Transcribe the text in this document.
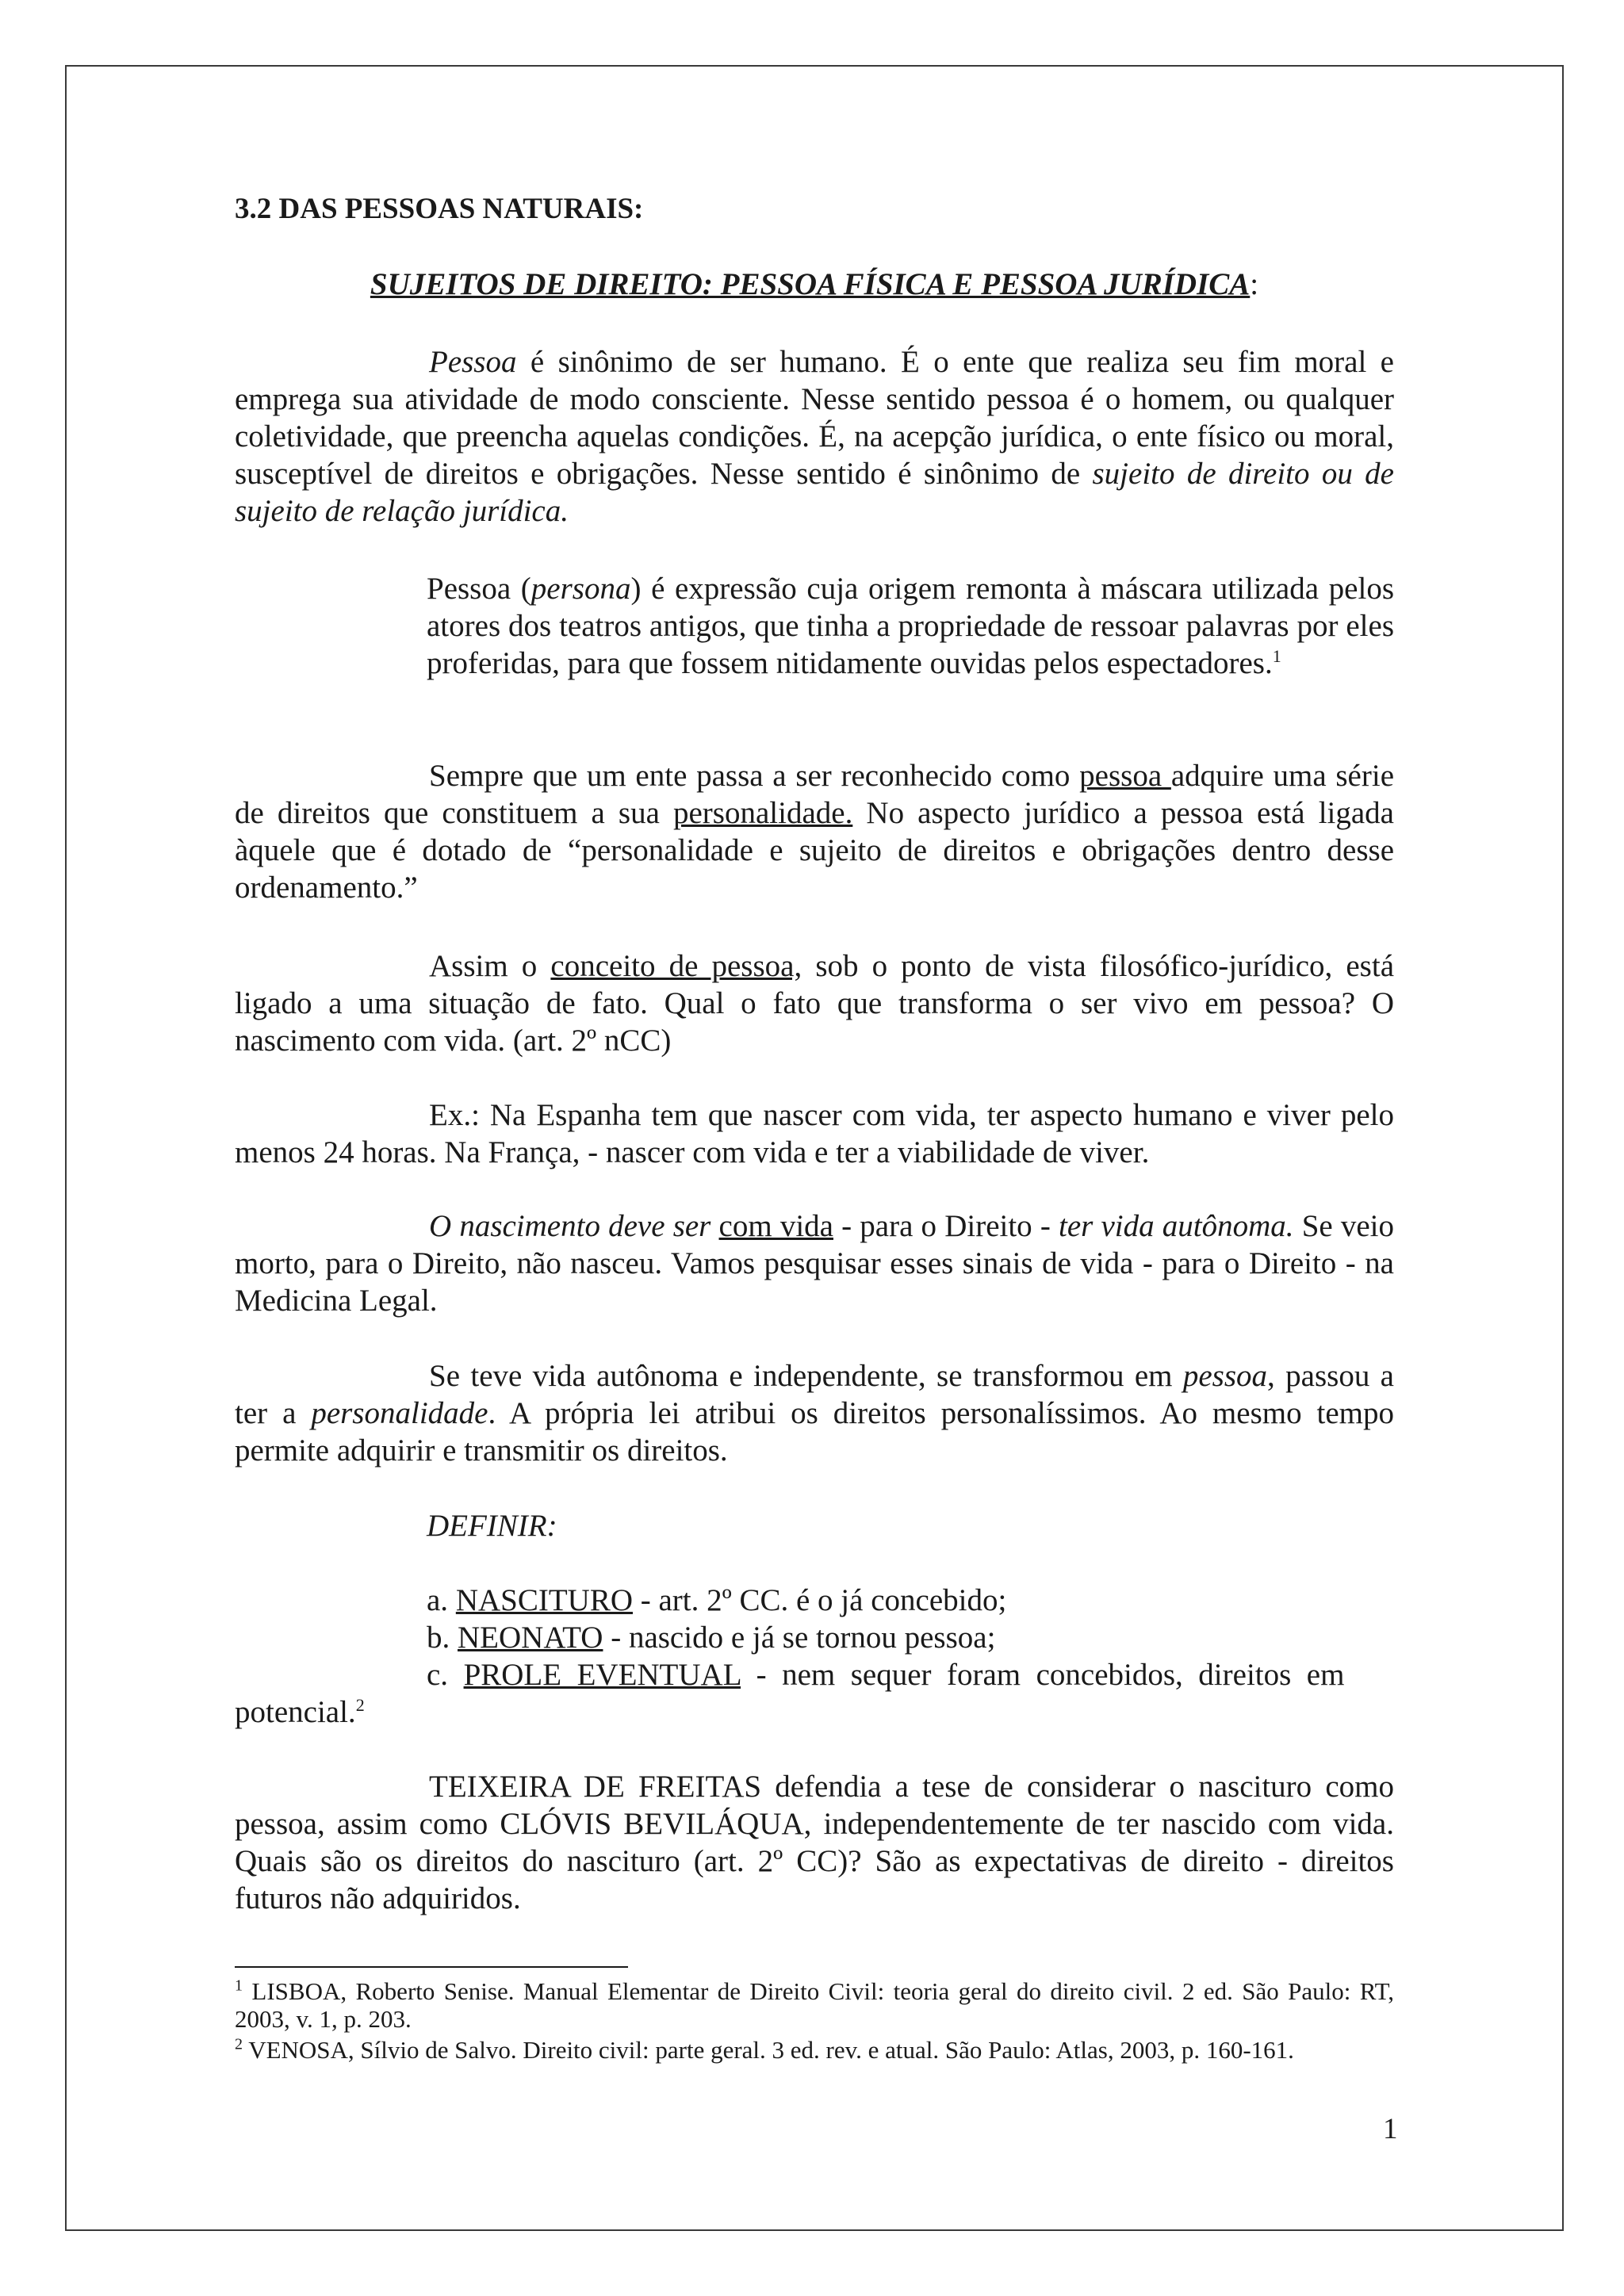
3.2 DAS PESSOAS NATURAIS:
SUJEITOS DE DIREITO: PESSOA FÍSICA E PESSOA JURÍDICA:

Pessoa é sinônimo de ser humano. É o ente que realiza seu fim moral e emprega sua atividade de modo consciente. Nesse sentido pessoa é o homem, ou qualquer coletividade, que preencha aquelas condições. É, na acepção jurídica, o ente físico ou moral, susceptível de direitos e obrigações. Nesse sentido é sinônimo de sujeito de direito ou de sujeito de relação jurídica.

Pessoa (persona) é expressão cuja origem remonta à máscara utilizada pelos atores dos teatros antigos, que tinha a propriedade de ressoar palavras por eles proferidas, para que fossem nitidamente ouvidas pelos espectadores.$^1$

Sempre que um ente passa a ser reconhecido como pessoa adquire uma série de direitos que constituem a sua personalidade. No aspecto jurídico a pessoa está ligada àquele que é dotado de “personalidade e sujeito de direitos e obrigações dentro desse ordenamento.”

Assim o conceito de pessoa, sob o ponto de vista filosófico-jurídico, está ligado a uma situação de fato. Qual o fato que transforma o ser vivo em pessoa? O nascimento com vida. (art. 2º nCC)

Ex.: Na Espanha tem que nascer com vida, ter aspecto humano e viver pelo menos 24 horas. Na França, - nascer com vida e ter a viabilidade de viver.

O nascimento deve ser com vida - para o Direito - ter vida autônoma. Se veio morto, para o Direito, não nasceu. Vamos pesquisar esses sinais de vida - para o Direito - na Medicina Legal.

Se teve vida autônoma e independente, se transformou em pessoa, passou a ter a personalidade. A própria lei atribui os direitos personalíssimos. Ao mesmo tempo permite adquirir e transmitir os direitos.

DEFINIR:

a. NASCITURO - art. 2º CC. é o já concebido;
b. NEONATO - nascido e já se tornou pessoa;
c.  PROLE  EVENTUAL  -  nem  sequer  foram  concebidos,  direitos  em

potencial.$^2$

TEIXEIRA DE FREITAS defendia a tese de considerar o nascituro como pessoa, assim como CLÓVIS BEVILÁQUA, independentemente de ter nascido com vida. Quais são os direitos do nascituro (art. 2º CC)? São as expectativas de direito - direitos futuros não adquiridos.

$^1$ LISBOA, Roberto Senise. Manual Elementar de Direito Civil: teoria geral do direito civil. 2 ed. São Paulo: RT, 2003, v. 1, p. 203.

$^2$ VENOSA, Sílvio de Salvo. Direito civil: parte geral. 3 ed. rev. e atual. São Paulo: Atlas, 2003, p. 160-161.

1
